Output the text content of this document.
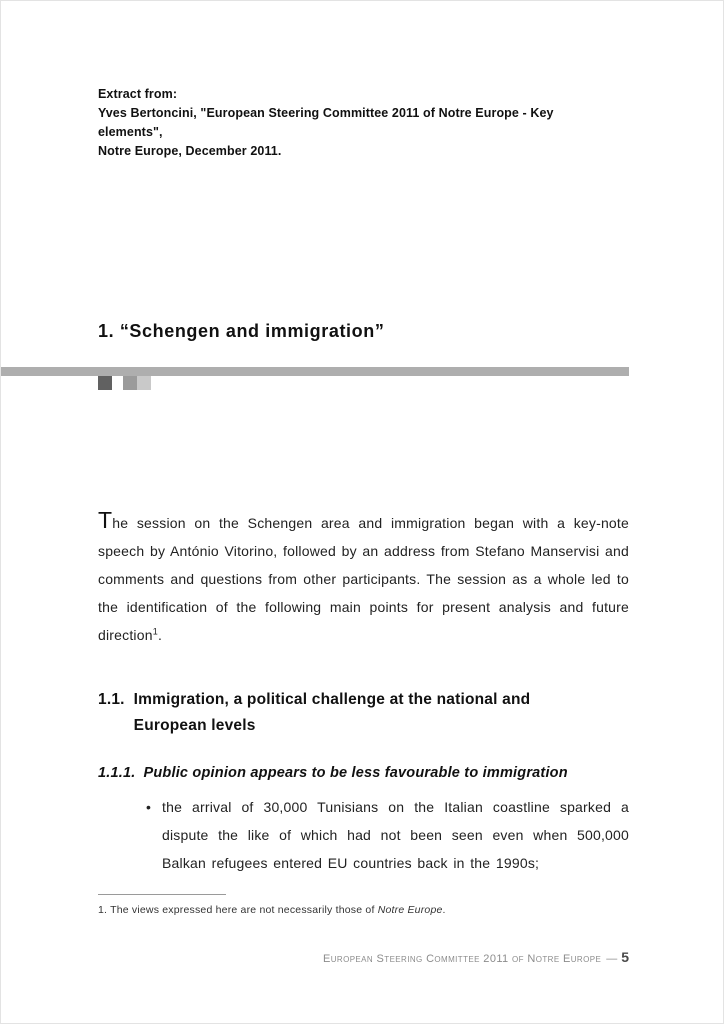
Extract from:
Yves Bertoncini, "European Steering Committee 2011 of Notre Europe - Key elements",
Notre Europe, December 2011.
1. “Schengen and immigration”

The session on the Schengen area and immigration began with a key-note speech by António Vitorino, followed by an address from Stefano Manservisi and comments and questions from other participants. The session as a whole led to the identification of the following main points for present analysis and future direction$^1$.

1.1. Immigration, a political challenge at the national and European levels
1.1.1. Public opinion appears to be less favourable to immigration
• the arrival of 30,000 Tunisians on the Italian coastline sparked a dispute the like of which had not been seen even when 500,000 Balkan refugees entered EU countries back in the 1990s;

1. The views expressed here are not necessarily those of Notre Europe.

European Steering Committee 2011 of Notre Europe — 5
